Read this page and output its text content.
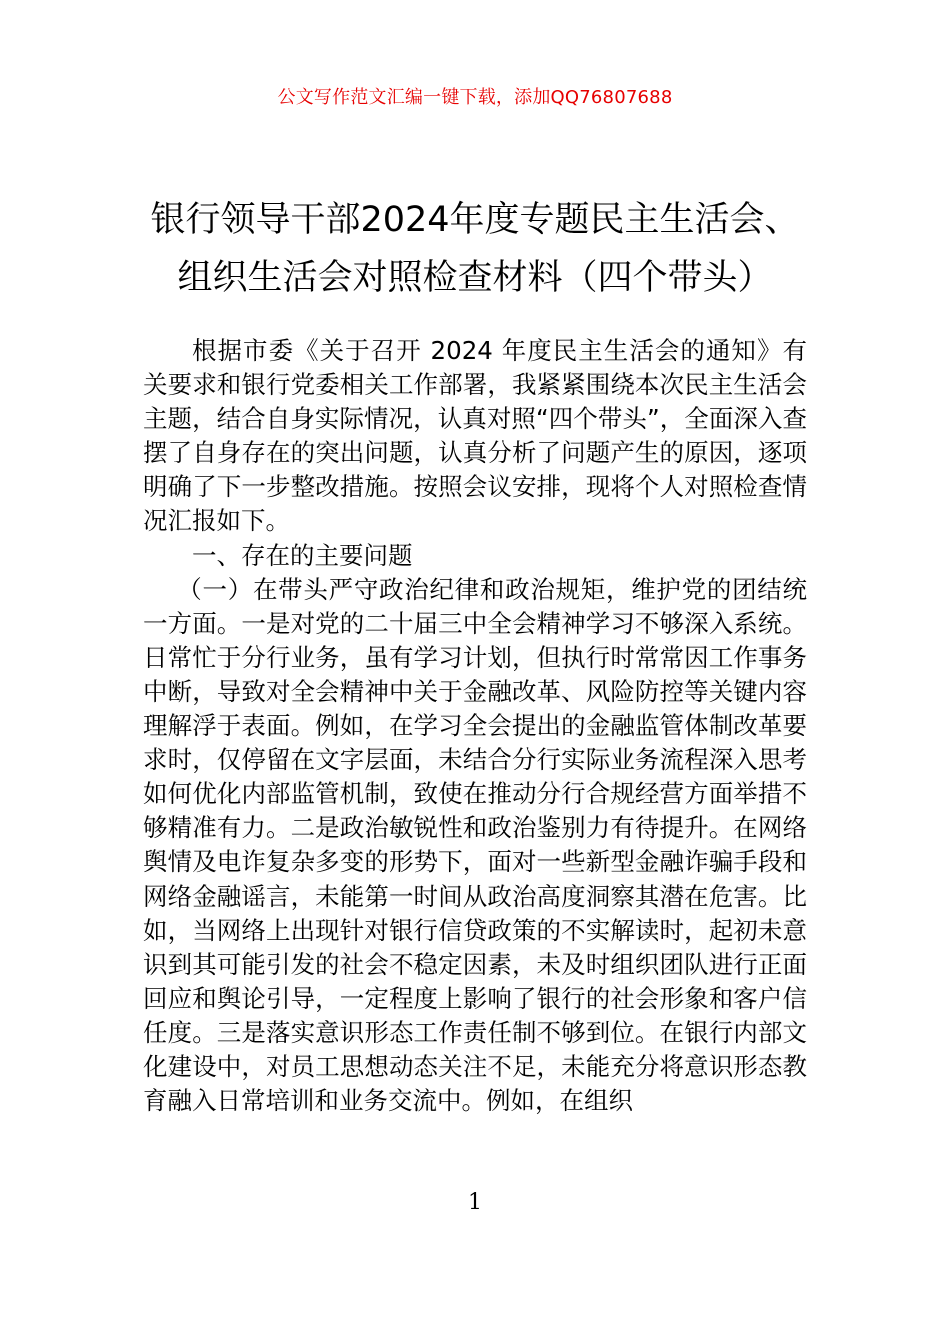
公文写作范文汇编一键下载，添加QQ76807688
银行领导干部2024年度专题民主生活会、
组织生活会对照检查材料（四个带头）

根据市委《关于召开 2024 年度民主生活会的通知》有关要求和银行党委相关工作部署，我紧紧围绕本次民主生活会主题，结合自身实际情况，认真对照“四个带头”，全面深入查摆了自身存在的突出问题，认真分析了问题产生的原因，逐项明确了下一步整改措施。按照会议安排，现将个人对照检查情况汇报如下。

一、存在的主要问题

（一）在带头严守政治纪律和政治规矩，维护党的团结统一方面。一是对党的二十届三中全会精神学习不够深入系统。日常忙于分行业务，虽有学习计划，但执行时常常因工作事务中断，导致对全会精神中关于金融改革、风险防控等关键内容理解浮于表面。例如，在学习全会提出的金融监管体制改革要求时，仅停留在文字层面，未结合分行实际业务流程深入思考如何优化内部监管机制，致使在推动分行合规经营方面举措不够精准有力。二是政治敏锐性和政治鉴别力有待提升。在网络舆情及电诈复杂多变的形势下，面对一些新型金融诈骗手段和网络金融谣言，未能第一时间从政治高度洞察其潜在危害。比如，当网络上出现针对银行信贷政策的不实解读时，起初未意识到其可能引发的社会不稳定因素，未及时组织团队进行正面回应和舆论引导，一定程度上影响了银行的社会形象和客户信任度。三是落实意识形态工作责任制不够到位。在银行内部文化建设中，对员工思想动态关注不足，未能充分将意识形态教育融入日常培训和业务交流中。例如，在组织

1
